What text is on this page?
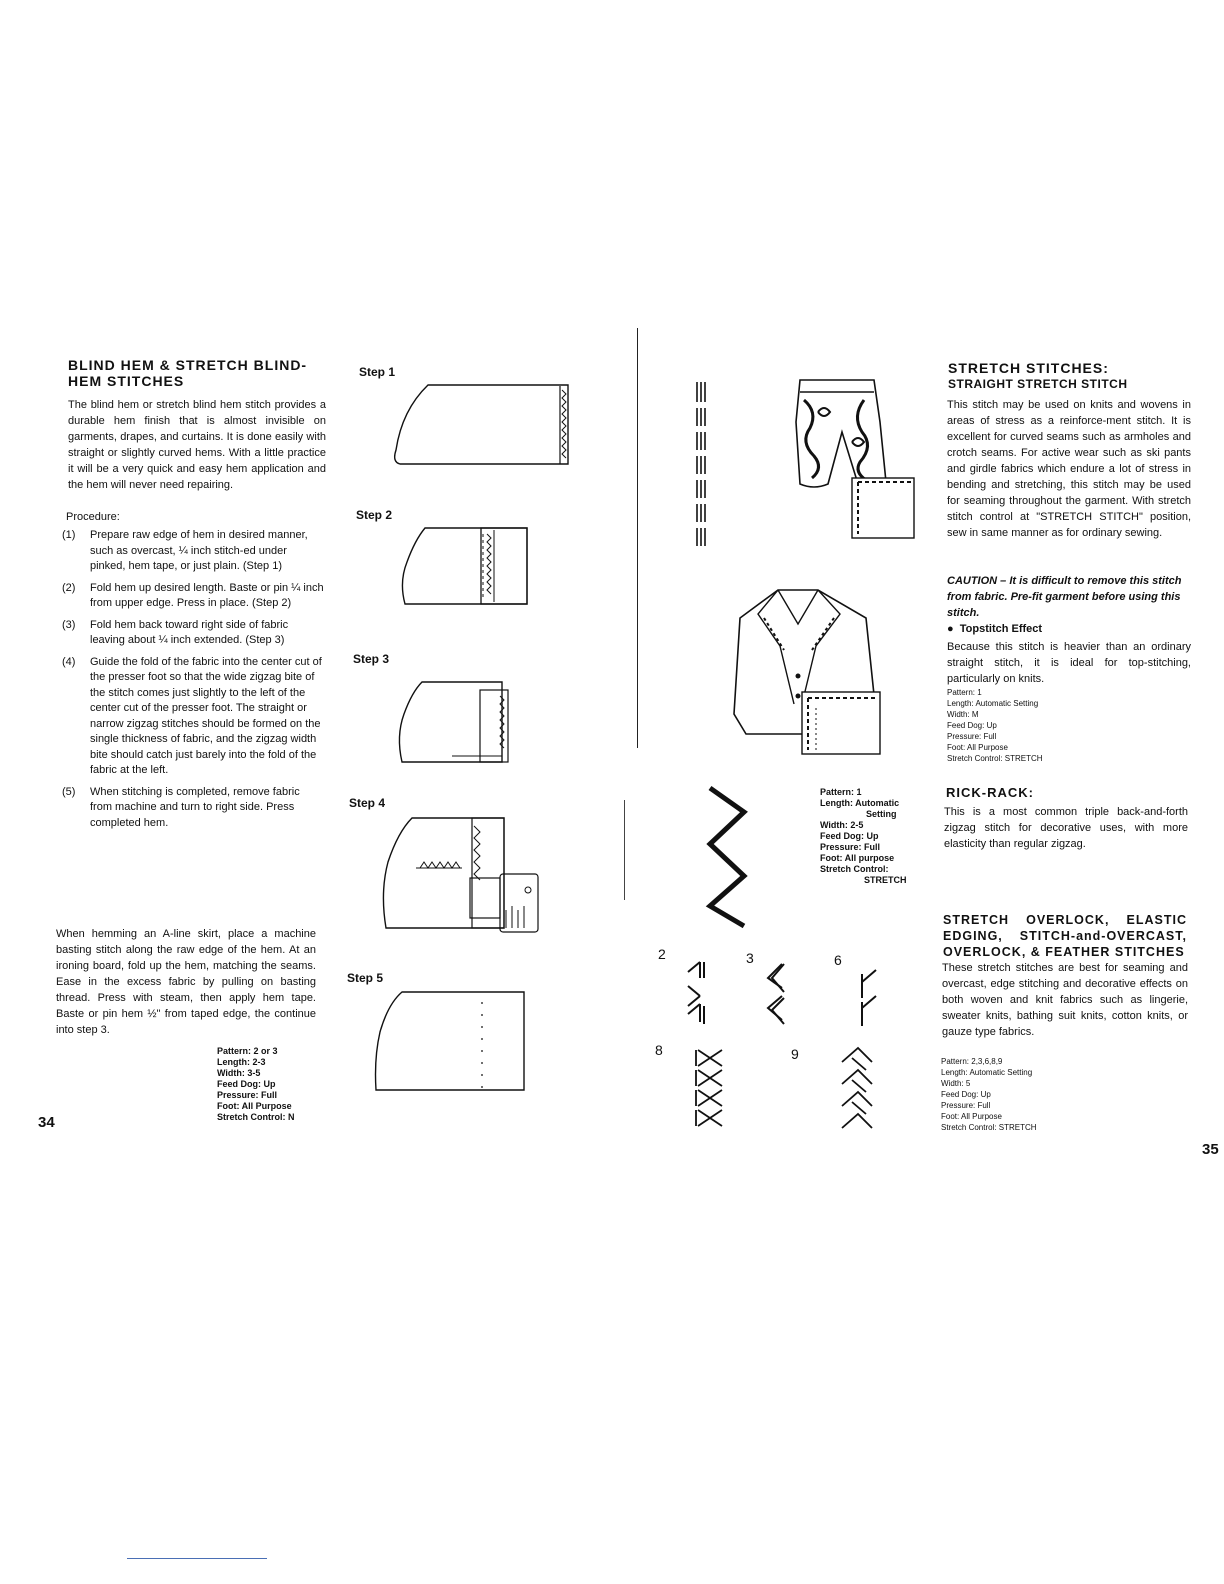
BLIND HEM & STRETCH BLIND-HEM STITCHES
The blind hem or stretch blind hem stitch provides a durable hem finish that is almost invisible on garments, drapes, and curtains. It is done easily with straight or slightly curved hems. With a little practice it will be a very quick and easy hem application and the hem will never need repairing.
Procedure:
(1)	Prepare raw edge of hem in desired manner, such as overcast, ¼ inch stitch-ed under pinked, hem tape, or just plain. (Step 1)
(2)	Fold hem up desired length. Baste or pin ¼ inch from upper edge. Press in place. (Step 2)
(3)	Fold hem back toward right side of fabric leaving about ¼ inch extended. (Step 3)
(4)	Guide the fold of the fabric into the center cut of the presser foot so that the wide zigzag bite of the stitch comes just slightly to the left of the center cut of the presser foot. The straight or narrow zigzag stitches should be formed on the single thickness of fabric, and the zigzag width bite should catch just barely into the fold of the fabric at the left.
(5)	When stitching is completed, remove fabric from machine and turn to right side. Press completed hem.
When hemming an A-line skirt, place a machine basting stitch along the raw edge of the hem. At an ironing board, fold up the hem, matching the seams. Ease in the excess fabric by pulling on basting thread. Press with steam, then apply hem tape. Baste or pin hem ½" from taped edge, the continue into step 3.
Pattern: 2 or 3
Length: 2-3
Width: 3-5
Feed Dog: Up
Pressure: Full
Foot: All Purpose
Stretch Control: N
34
Step 1
Step 2
Step 3
Step 4
Step 5
Pattern: 1
Length: Automatic
Setting
Width: 2-5
Feed Dog: Up
Pressure: Full
Foot: All purpose
Stretch Control:
STRETCH
2	3	6
8	9
STRETCH STITCHES:
STRAIGHT STRETCH STITCH
This stitch may be used on knits and wovens in areas of stress as a reinforce-ment stitch. It is excellent for curved seams such as armholes and crotch seams. For active wear such as ski pants and girdle fabrics which endure a lot of stress in bending and stretching, this stitch may be used for seaming throughout the garment. With stretch stitch control at "STRETCH STITCH" position, sew in same manner as for ordinary sewing.
CAUTION – It is difficult to remove this stitch from fabric. Pre-fit garment before using this stitch.
●  Topstitch Effect
Because this stitch is heavier than an ordinary straight stitch, it is ideal for top-stitching, particularly on knits.
Pattern: 1
Length: Automatic Setting
Width: M
Feed Dog: Up
Pressure: Full
Foot: All Purpose
Stretch Control: STRETCH
RICK-RACK:
This is a most common triple back-and-forth zigzag stitch for decorative uses, with more elasticity than regular zigzag.
STRETCH OVERLOCK, ELASTIC EDGING, STITCH-and-OVERCAST, OVERLOCK, & FEATHER STITCHES
These stretch stitches are best for seaming and overcast, edge stitching and decorative effects on both woven and knit fabrics such as lingerie, sweater knits, bathing suit knits, cotton knits, or gauze type fabrics.
Pattern: 2,3,6,8,9
Length: Automatic Setting
Width: 5
Feed Dog: Up
Pressure: Full
Foot: All Purpose
Stretch Control: STRETCH
35
